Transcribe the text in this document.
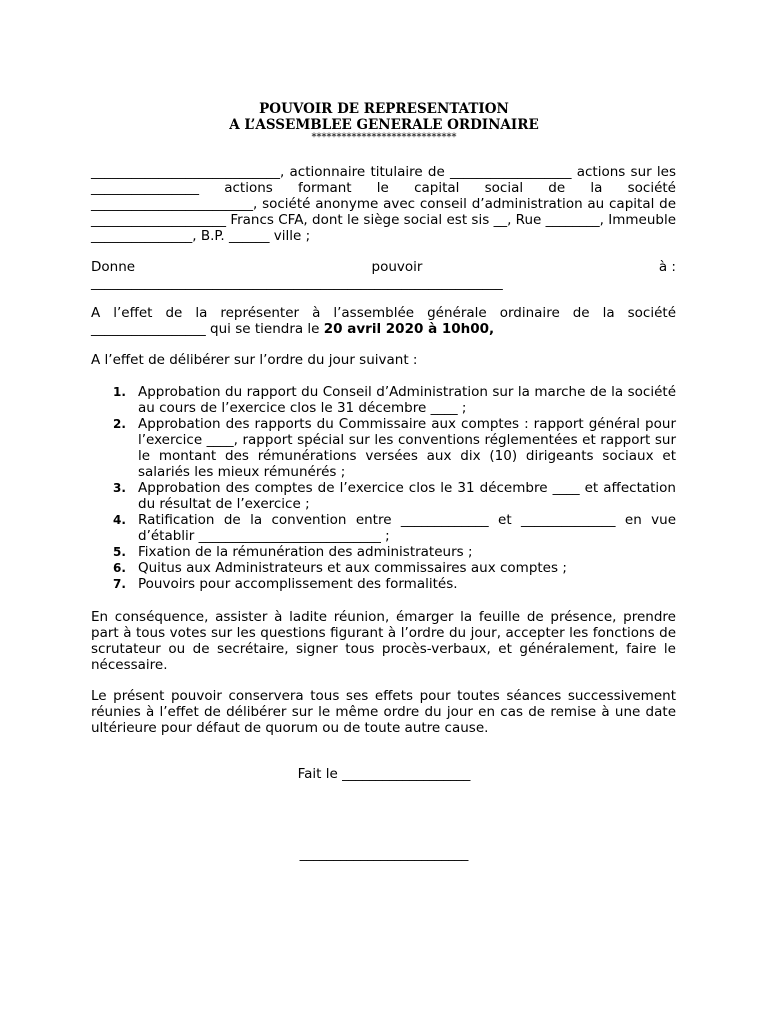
POUVOIR DE REPRESENTATION
A L’ASSEMBLEE GENERALE ORDINAIRE
*****************************

____________________________, actionnaire titulaire de __________________ actions sur les ________________ actions formant le capital social de la société ________________________, société anonyme avec conseil d’administration au capital de ____________________ Francs CFA, dont le siège social est sis __, Rue ________, Immeuble _______________, B.P. ______ ville ;

Donne	pouvoir	à :
_____________________________________________________________

A l’effet de la représenter à l’assemblée générale ordinaire de la société _________________ qui se tiendra le 20 avril 2020 à 10h00,

A l’effet de délibérer sur l’ordre du jour suivant :

1. Approbation du rapport du Conseil d’Administration sur la marche de la société au cours de l’exercice clos le 31 décembre ____ ;
2. Approbation des rapports du Commissaire aux comptes : rapport général pour l’exercice ____, rapport spécial sur les conventions réglementées et rapport sur le montant des rémunérations versées aux dix (10) dirigeants sociaux et salariés les mieux rémunérés ;
3. Approbation des comptes de l’exercice clos le 31 décembre ____ et affectation du résultat de l’exercice ;
4. Ratification de la convention entre _____________ et ______________ en vue d’établir ___________________________ ;
5. Fixation de la rémunération des administrateurs ;
6. Quitus aux Administrateurs et aux commissaires aux comptes ;
7. Pouvoirs pour accomplissement des formalités.

En conséquence, assister à ladite réunion, émarger la feuille de présence, prendre part à tous votes sur les questions figurant à l’ordre du jour, accepter les fonctions de scrutateur ou de secrétaire, signer tous procès-verbaux, et généralement, faire le nécessaire.

Le présent pouvoir conservera tous ses effets pour toutes séances successivement réunies à l’effet de délibérer sur le même ordre du jour en cas de remise à une date ultérieure pour défaut de quorum ou de toute autre cause.

Fait le ___________________
_________________________
